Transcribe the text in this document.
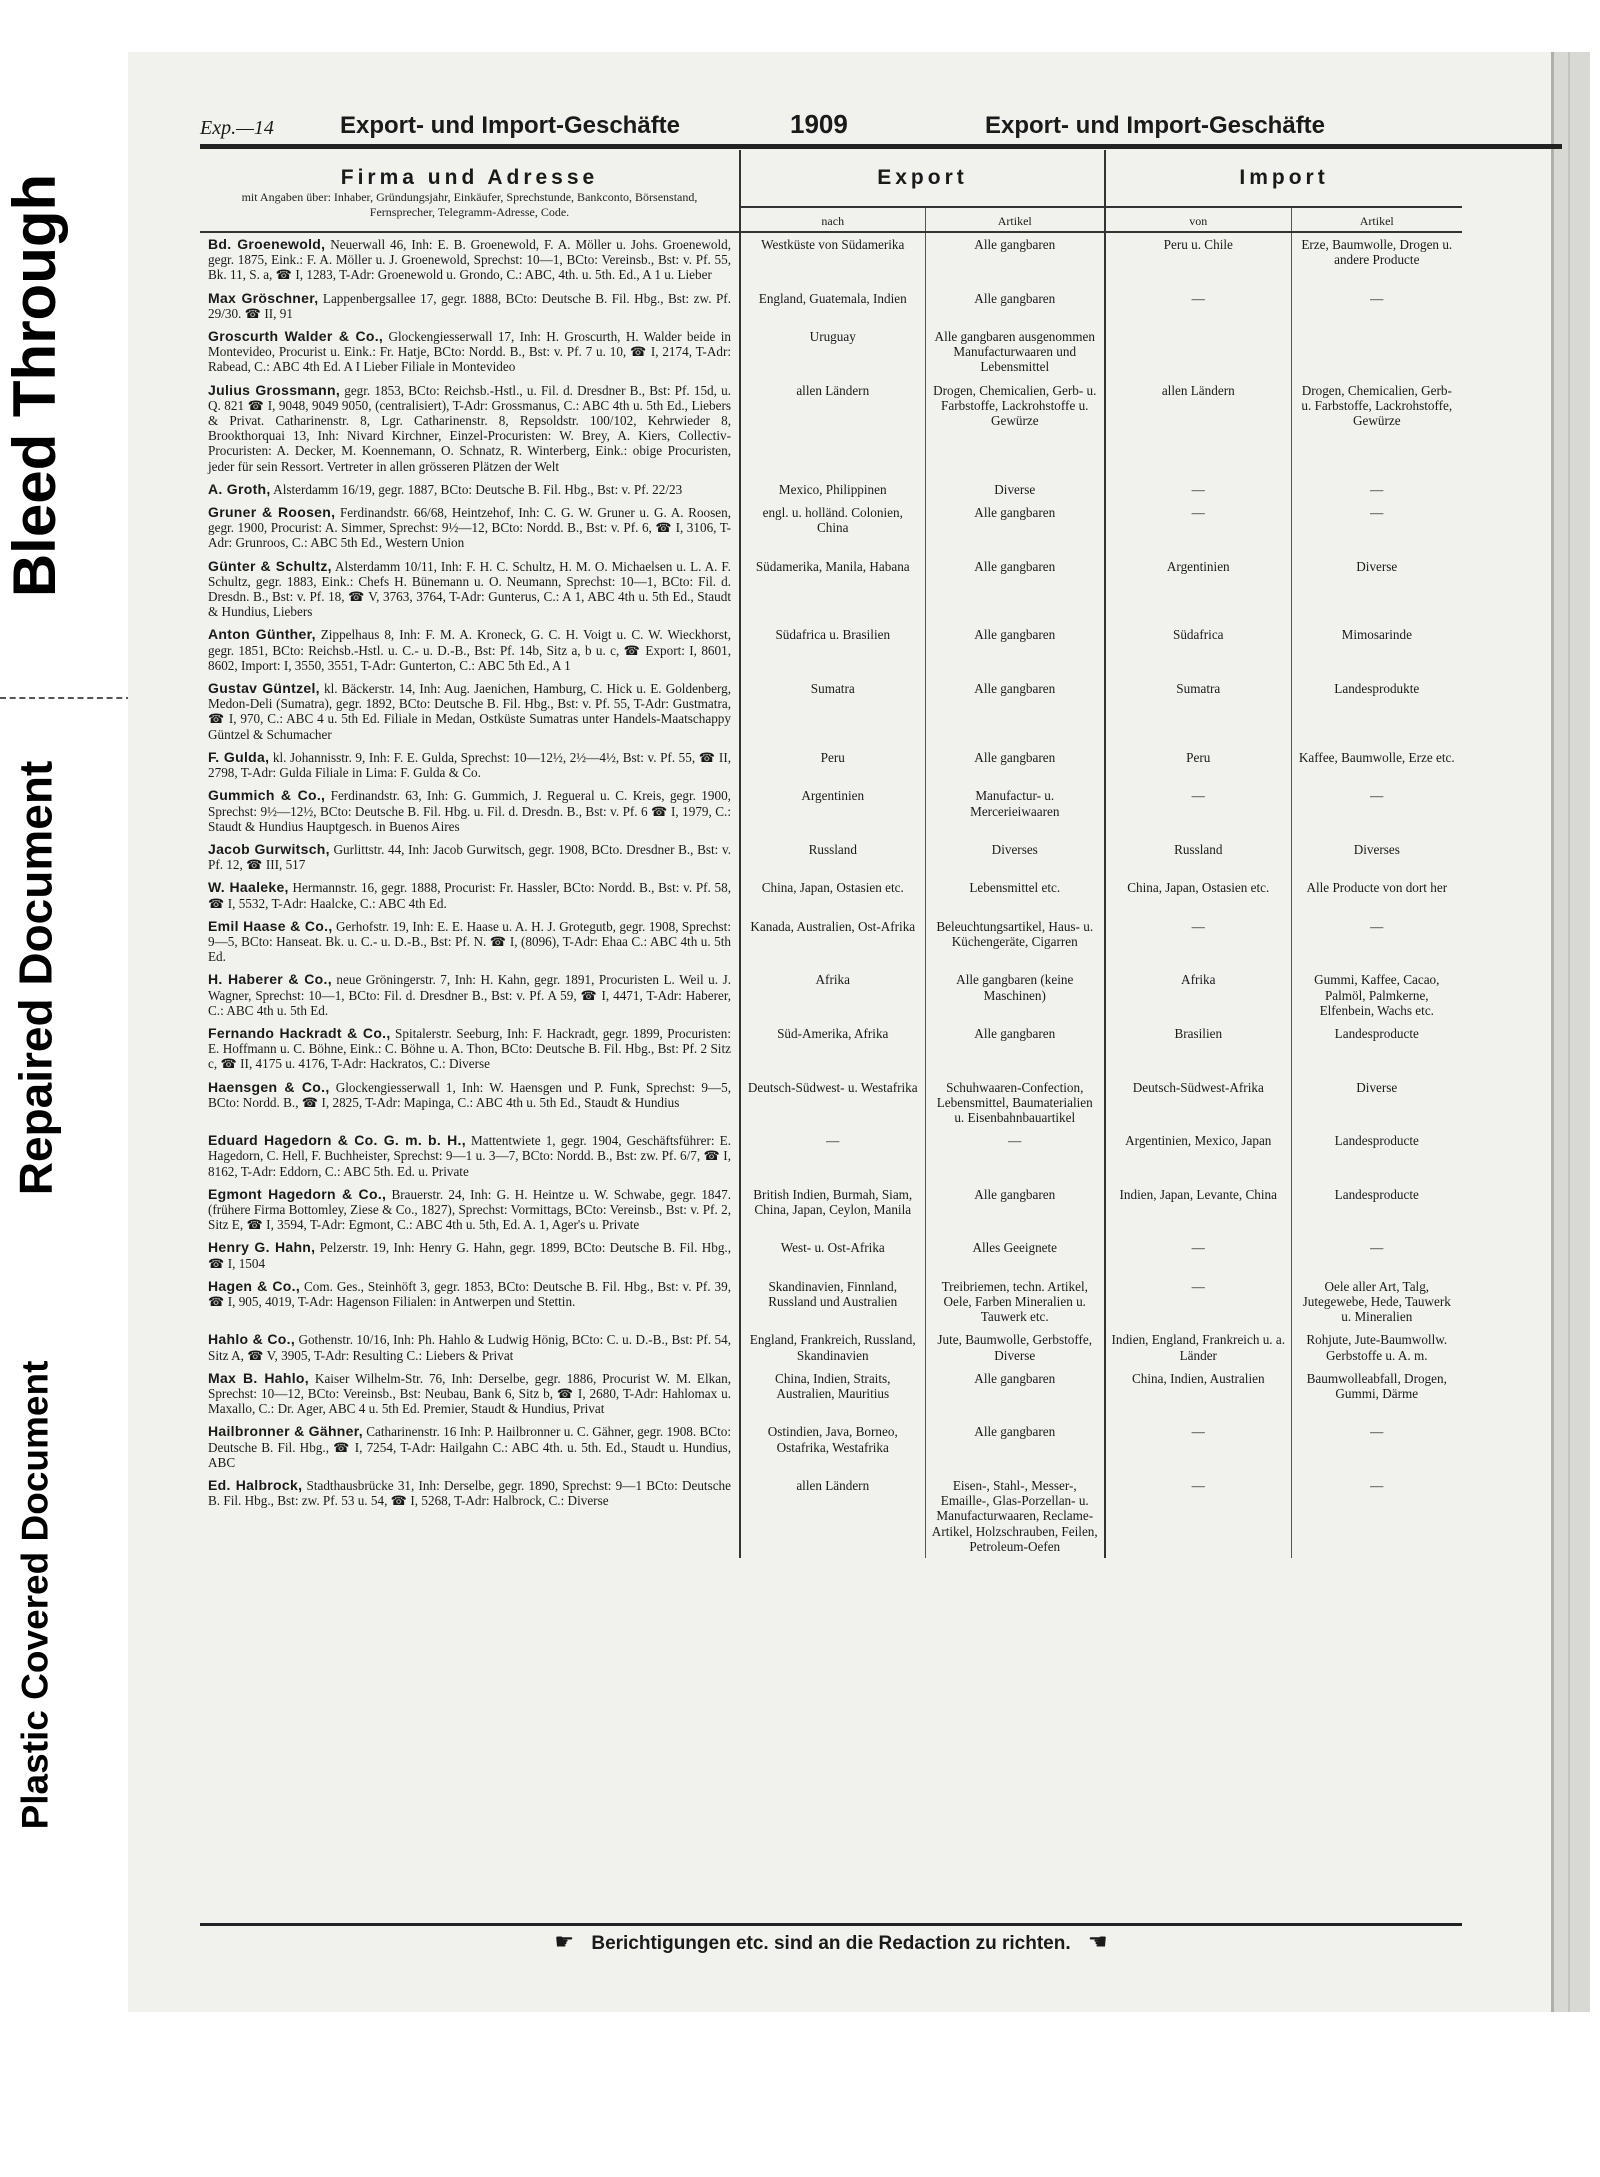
Bleed Through
Repaired Document
Plastic Covered Document
Exp.—14	Export- und Import-Geschäfte	1909	Export- und Import-Geschäfte
Firma und Adresse	Export		Import	
mit Angaben über: Inhaber, Gründungsjahr, Einkäufer, Sprechstunde, Bankconto, Börsenstand, Fernsprecher, Telegramm-Adresse, Code.				
	nach	Artikel	von	Artikel
Bd. Groenewold, Neuerwall 46, Inh: E. B. Groenewold, F. A. Möller u. Johs. Groenewold, gegr. 1875, Eink.: F. A. Möller u. J. Groenewold, Sprechst: 10—1, BCto: Vereinsb., Bst: v. Pf. 55, Bk. 11, S. a, ☎ I, 1283, T-Adr: Groenewold u. Grondo, C.: ABC, 4th. u. 5th. Ed., A 1 u. Lieber	Westküste von Südamerika	Alle gangbaren	Peru u. Chile	Erze, Baumwolle, Drogen u. andere Producte
Max Gröschner, Lappenbergsallee 17, gegr. 1888, BCto: Deutsche B. Fil. Hbg., Bst: zw. Pf. 29/30. ☎ II, 91	England, Guatemala, Indien	Alle gangbaren	—	—
Groscurth Walder & Co., Glockengiesserwall 17, Inh: H. Groscurth, H. Walder beide in Montevideo, Procurist u. Eink.: Fr. Hatje, BCto: Nordd. B., Bst: v. Pf. 7 u. 10, ☎ I, 2174, T-Adr: Rabead, C.: ABC 4th Ed. A I Lieber Filiale in Montevideo	Uruguay	Alle gangbaren ausgenommen Manufacturwaaren und Lebensmittel		
Julius Grossmann, gegr. 1853, BCto: Reichsb.-Hstl., u. Fil. d. Dresdner B., Bst: Pf. 15d, u. Q. 821 ☎ I, 9048, 9049 9050, (centralisiert), T-Adr: Grossmanus, C.: ABC 4th u. 5th Ed., Liebers & Privat. Catharinenstr. 8, Lgr. Catharinenstr. 8, Repsoldstr. 100/102, Kehrwieder 8, Brookthorquai 13, Inh: Nivard Kirchner, Einzel-Procuristen: W. Brey, A. Kiers, Collectiv-Procuristen: A. Decker, M. Koennemann, O. Schnatz, R. Winterberg, Eink.: obige Procuristen, jeder für sein Ressort. Vertreter in allen grösseren Plätzen der Welt	allen Ländern	Drogen, Chemicalien, Gerb- u. Farbstoffe, Lackrohstoffe u. Gewürze	allen Ländern	Drogen, Chemicalien, Gerb- u. Farbstoffe, Lackrohstoffe, Gewürze
A. Groth, Alsterdamm 16/19, gegr. 1887, BCto: Deutsche B. Fil. Hbg., Bst: v. Pf. 22/23	Mexico, Philippinen	Diverse	—	—
Gruner & Roosen, Ferdinandstr. 66/68, Heintzehof, Inh: C. G. W. Gruner u. G. A. Roosen, gegr. 1900, Procurist: A. Simmer, Sprechst: 9½—12, BCto: Nordd. B., Bst: v. Pf. 6, ☎ I, 3106, T-Adr: Grunroos, C.: ABC 5th Ed., Western Union	engl. u. holländ. Colonien, China	Alle gangbaren	—	—
Günter & Schultz, Alsterdamm 10/11, Inh: F. H. C. Schultz, H. M. O. Michaelsen u. L. A. F. Schultz, gegr. 1883, Eink.: Chefs H. Bünemann u. O. Neumann, Sprechst: 10—1, BCto: Fil. d. Dresdn. B., Bst: v. Pf. 18, ☎ V, 3763, 3764, T-Adr: Gunterus, C.: A 1, ABC 4th u. 5th Ed., Staudt & Hundius, Liebers	Südamerika, Manila, Habana	Alle gangbaren	Argentinien	Diverse
Anton Günther, Zippelhaus 8, Inh: F. M. A. Kroneck, G. C. H. Voigt u. C. W. Wieckhorst, gegr. 1851, BCto: Reichsb.-Hstl. u. C.- u. D.-B., Bst: Pf. 14b, Sitz a, b u. c, ☎ Export: I, 8601, 8602, Import: I, 3550, 3551, T-Adr: Gunterton, C.: ABC 5th Ed., A 1	Südafrica u. Brasilien	Alle gangbaren	Südafrica	Mimosarinde
Gustav Güntzel, kl. Bäckerstr. 14, Inh: Aug. Jaenichen, Hamburg, C. Hick u. E. Goldenberg, Medon-Deli (Sumatra), gegr. 1892, BCto: Deutsche B. Fil. Hbg., Bst: v. Pf. 55, T-Adr: Gustmatra, ☎ I, 970, C.: ABC 4 u. 5th Ed. Filiale in Medan, Ostküste Sumatras unter Handels-Maatschappy Güntzel & Schumacher	Sumatra	Alle gangbaren	Sumatra	Landesprodukte
F. Gulda, kl. Johannisstr. 9, Inh: F. E. Gulda, Sprechst: 10—12½, 2½—4½, Bst: v. Pf. 55, ☎ II, 2798, T-Adr: Gulda Filiale in Lima: F. Gulda & Co.	Peru	Alle gangbaren	Peru	Kaffee, Baumwolle, Erze etc.
Gummich & Co., Ferdinandstr. 63, Inh: G. Gummich, J. Regueral u. C. Kreis, gegr. 1900, Sprechst: 9½—12½, BCto: Deutsche B. Fil. Hbg. u. Fil. d. Dresdn. B., Bst: v. Pf. 6 ☎ I, 1979, C.: Staudt & Hundius Hauptgesch. in Buenos Aires	Argentinien	Manufactur- u. Mercerieiwaaren	—	—
Jacob Gurwitsch, Gurlittstr. 44, Inh: Jacob Gurwitsch, gegr. 1908, BCto. Dresdner B., Bst: v. Pf. 12, ☎ III, 517	Russland	Diverses	Russland	Diverses
W. Haaleke, Hermannstr. 16, gegr. 1888, Procurist: Fr. Hassler, BCto: Nordd. B., Bst: v. Pf. 58, ☎ I, 5532, T-Adr: Haalcke, C.: ABC 4th Ed.	China, Japan, Ostasien etc.	Lebensmittel etc.	China, Japan, Ostasien etc.	Alle Producte von dort her
Emil Haase & Co., Gerhofstr. 19, Inh: E. E. Haase u. A. H. J. Grotegutb, gegr. 1908, Sprechst: 9—5, BCto: Hanseat. Bk. u. C.- u. D.-B., Bst: Pf. N. ☎ I, (8096), T-Adr: Ehaa C.: ABC 4th u. 5th Ed.	Kanada, Australien, Ost-Afrika	Beleuchtungsartikel, Haus- u. Küchengeräte, Cigarren	—	—
H. Haberer & Co., neue Gröningerstr. 7, Inh: H. Kahn, gegr. 1891, Procuristen L. Weil u. J. Wagner, Sprechst: 10—1, BCto: Fil. d. Dresdner B., Bst: v. Pf. A 59, ☎ I, 4471, T-Adr: Haberer, C.: ABC 4th u. 5th Ed.	Afrika	Alle gangbaren (keine Maschinen)	Afrika	Gummi, Kaffee, Cacao, Palmöl, Palmkerne, Elfenbein, Wachs etc.
Fernando Hackradt & Co., Spitalerstr. Seeburg, Inh: F. Hackradt, gegr. 1899, Procuristen: E. Hoffmann u. C. Böhne, Eink.: C. Böhne u. A. Thon, BCto: Deutsche B. Fil. Hbg., Bst: Pf. 2 Sitz c, ☎ II, 4175 u. 4176, T-Adr: Hackratos, C.: Diverse	Süd-Amerika, Afrika	Alle gangbaren	Brasilien	Landesproducte
Haensgen & Co., Glockengiesserwall 1, Inh: W. Haensgen und P. Funk, Sprechst: 9—5, BCto: Nordd. B., ☎ I, 2825, T-Adr: Mapinga, C.: ABC 4th u. 5th Ed., Staudt & Hundius	Deutsch-Südwest- u. Westafrika	Schuhwaaren-Confection, Lebensmittel, Baumaterialien u. Eisenbahnbauartikel	Deutsch-Südwest-Afrika	Diverse
Eduard Hagedorn & Co. G. m. b. H., Mattentwiete 1, gegr. 1904, Geschäftsführer: E. Hagedorn, C. Hell, F. Buchheister, Sprechst: 9—1 u. 3—7, BCto: Nordd. B., Bst: zw. Pf. 6/7, ☎ I, 8162, T-Adr: Eddorn, C.: ABC 5th. Ed. u. Private	—	—	Argentinien, Mexico, Japan	Landesproducte
Egmont Hagedorn & Co., Brauerstr. 24, Inh: G. H. Heintze u. W. Schwabe, gegr. 1847. (frühere Firma Bottomley, Ziese & Co., 1827), Sprechst: Vormittags, BCto: Vereinsb., Bst: v. Pf. 2, Sitz E, ☎ I, 3594, T-Adr: Egmont, C.: ABC 4th u. 5th, Ed. A. 1, Ager's u. Private	British Indien, Burmah, Siam, China, Japan, Ceylon, Manila	Alle gangbaren	Indien, Japan, Levante, China	Landesproducte
Henry G. Hahn, Pelzerstr. 19, Inh: Henry G. Hahn, gegr. 1899, BCto: Deutsche B. Fil. Hbg., ☎ I, 1504	West- u. Ost-Afrika	Alles Geeignete	—	—
Hagen & Co., Com. Ges., Steinhöft 3, gegr. 1853, BCto: Deutsche B. Fil. Hbg., Bst: v. Pf. 39, ☎ I, 905, 4019, T-Adr: Hagenson Filialen: in Antwerpen und Stettin.	Skandinavien, Finnland, Russland und Australien	Treibriemen, techn. Artikel, Oele, Farben Mineralien u. Tauwerk etc.	—	Oele aller Art, Talg, Jutegewebe, Hede, Tauwerk u. Mineralien
Hahlo & Co., Gothenstr. 10/16, Inh: Ph. Hahlo & Ludwig Hönig, BCto: C. u. D.-B., Bst: Pf. 54, Sitz A, ☎ V, 3905, T-Adr: Resulting C.: Liebers & Privat	England, Frankreich, Russland, Skandinavien	Jute, Baumwolle, Gerbstoffe, Diverse	Indien, England, Frankreich u. a. Länder	Rohjute, Jute-Baumwollw. Gerbstoffe u. A. m.
Max B. Hahlo, Kaiser Wilhelm-Str. 76, Inh: Derselbe, gegr. 1886, Procurist W. M. Elkan, Sprechst: 10—12, BCto: Vereinsb., Bst: Neubau, Bank 6, Sitz b, ☎ I, 2680, T-Adr: Hahlomax u. Maxallo, C.: Dr. Ager, ABC 4 u. 5th Ed. Premier, Staudt & Hundius, Privat	China, Indien, Straits, Australien, Mauritius	Alle gangbaren	China, Indien, Australien	Baumwolleabfall, Drogen, Gummi, Därme
Hailbronner & Gähner, Catharinenstr. 16 Inh: P. Hailbronner u. C. Gähner, gegr. 1908. BCto: Deutsche B. Fil. Hbg., ☎ I, 7254, T-Adr: Hailgahn C.: ABC 4th. u. 5th. Ed., Staudt u. Hundius, ABC	Ostindien, Java, Borneo, Ostafrika, Westafrika	Alle gangbaren	—	—
Ed. Halbrock, Stadthausbrücke 31, Inh: Derselbe, gegr. 1890, Sprechst: 9—1 BCto: Deutsche B. Fil. Hbg., Bst: zw. Pf. 53 u. 54, ☎ I, 5268, T-Adr: Halbrock, C.: Diverse	allen Ländern	Eisen-, Stahl-, Messer-, Emaille-, Glas-Porzellan- u. Manufacturwaaren, Reclame-Artikel, Holzschrauben, Feilen, Petroleum-Oefen	—	—
☛ Berichtigungen etc. sind an die Redaction zu richten. ☚
